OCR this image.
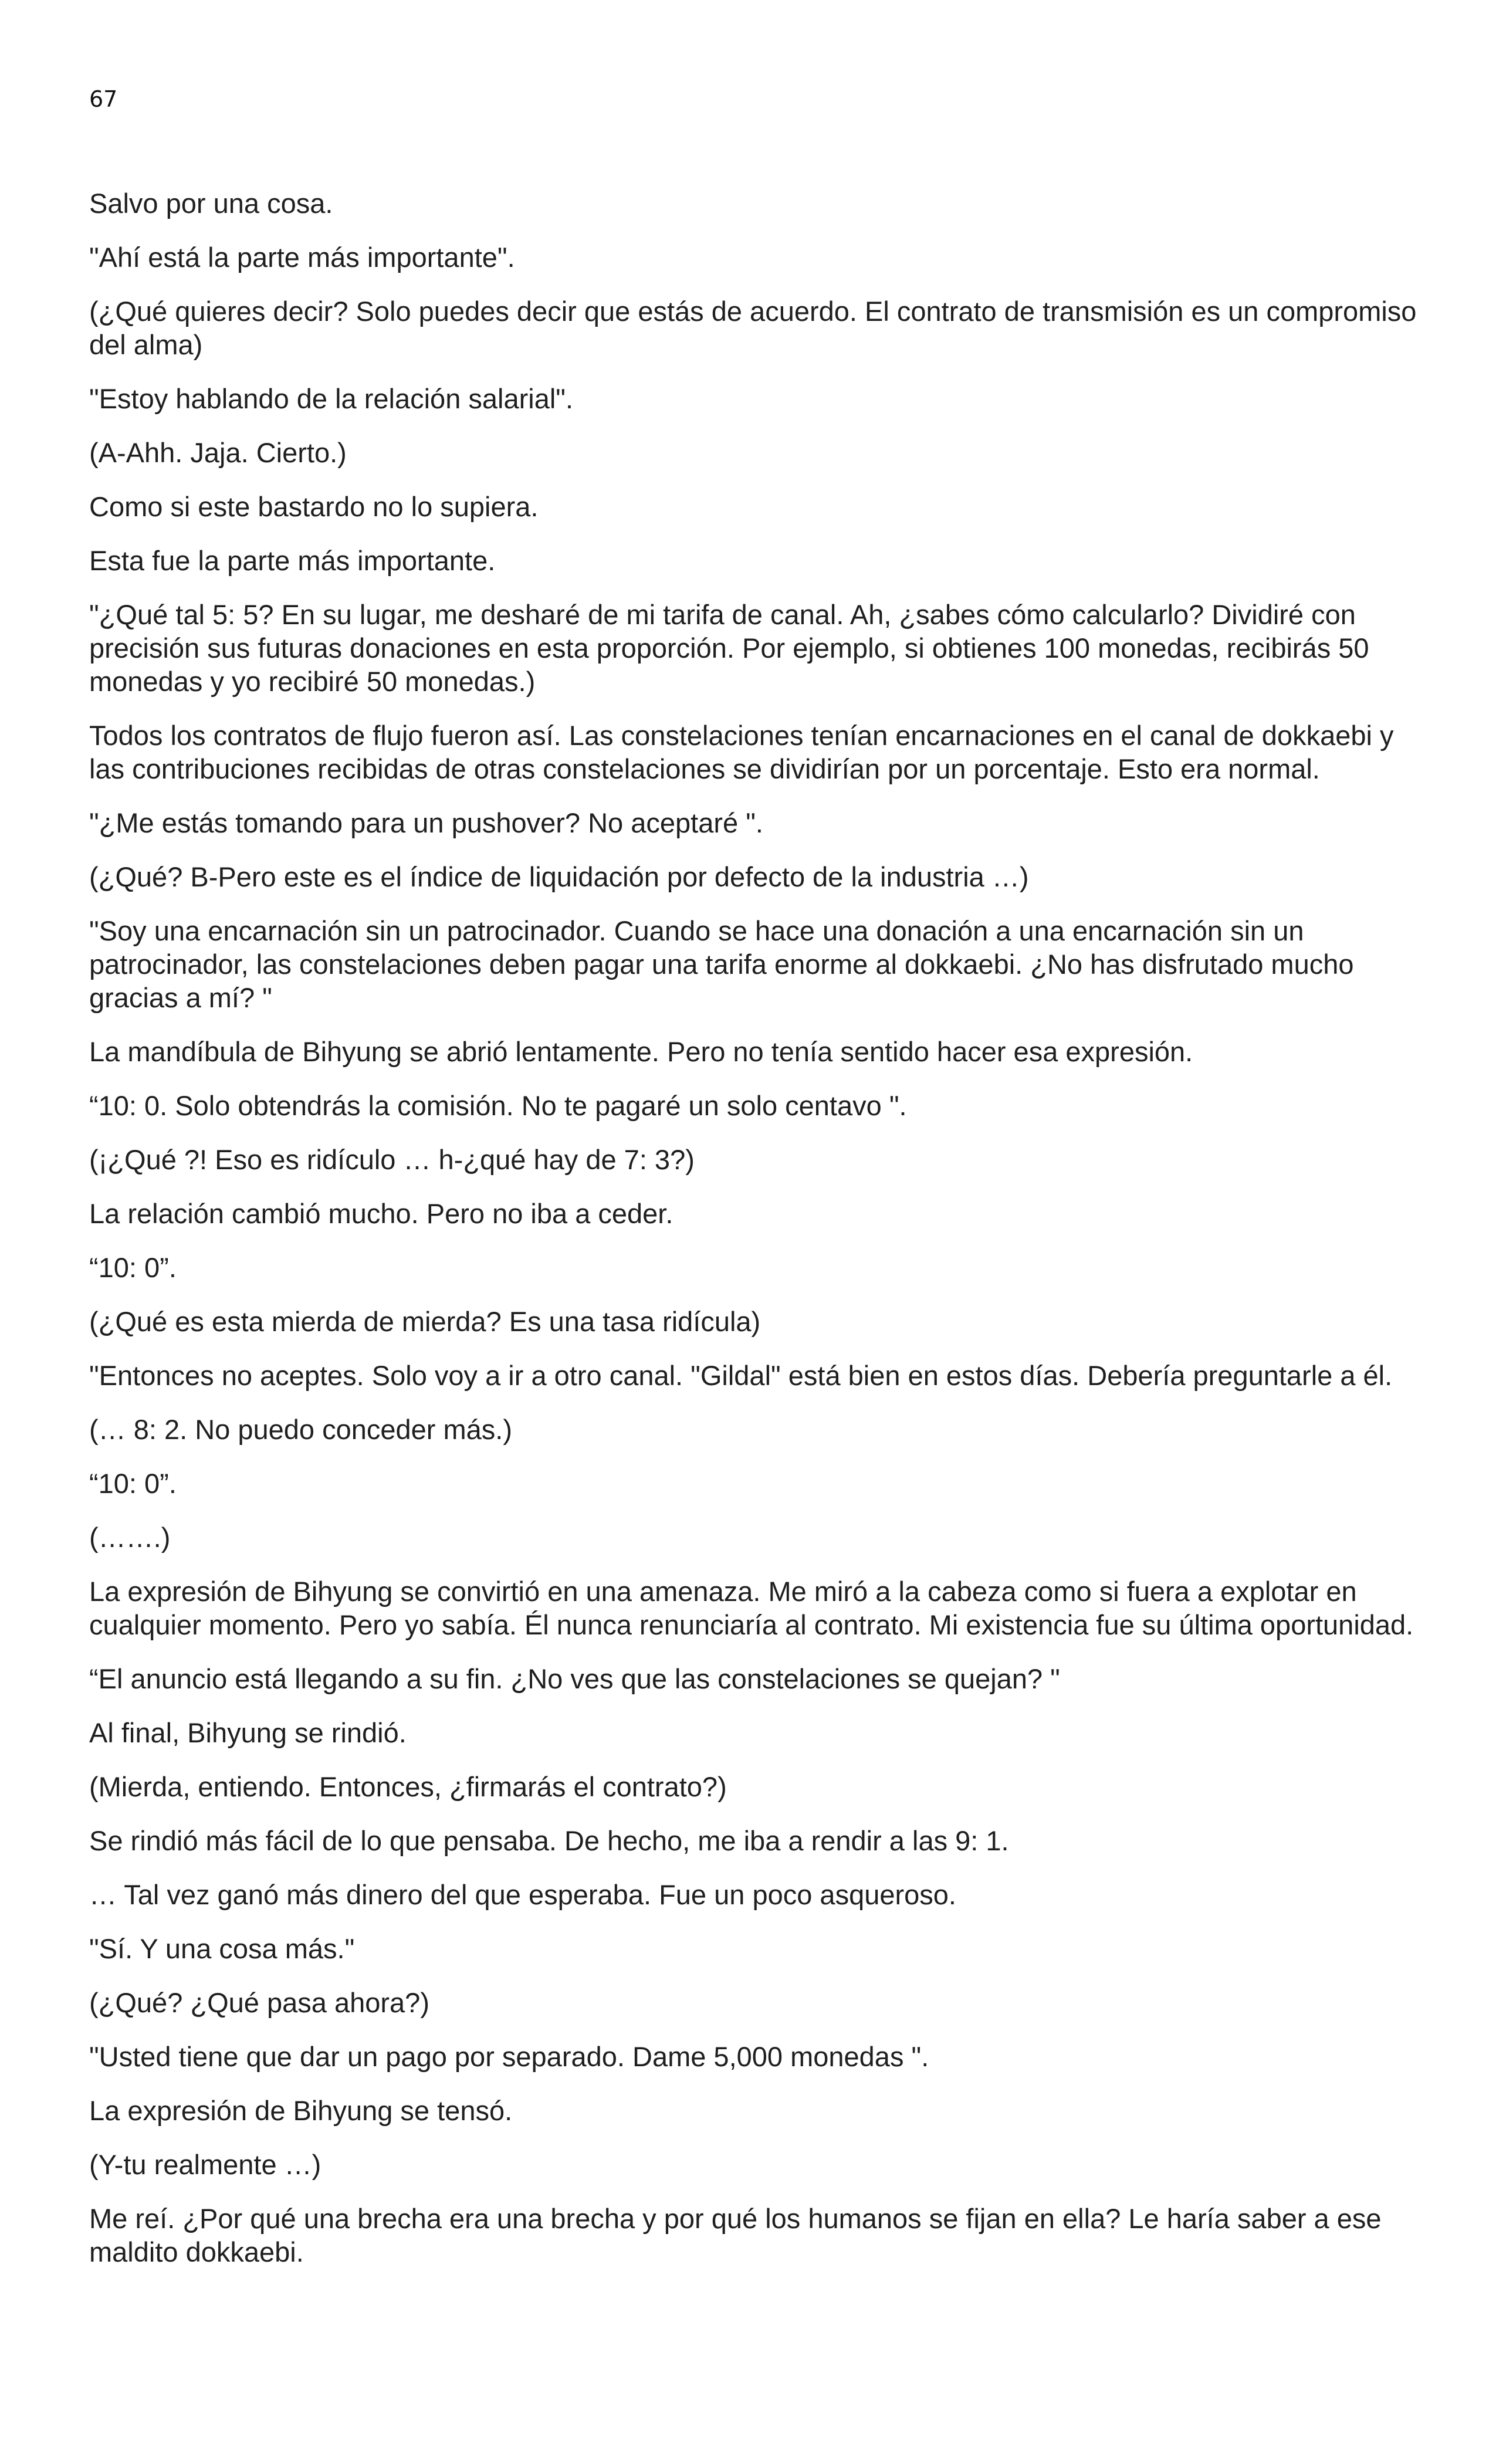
67

Salvo por una cosa.

"Ahí está la parte más importante".

(¿Qué quieres decir? Solo puedes decir que estás de acuerdo. El contrato de transmisión es un compromiso del alma)

"Estoy hablando de la relación salarial".

(A-Ahh. Jaja. Cierto.)

Como si este bastardo no lo supiera.

Esta fue la parte más importante.

"¿Qué tal 5: 5? En su lugar, me desharé de mi tarifa de canal. Ah, ¿sabes cómo calcularlo? Dividiré con precisión sus futuras donaciones en esta proporción. Por ejemplo, si obtienes 100 monedas, recibirás 50 monedas y yo recibiré 50 monedas.)

Todos los contratos de flujo fueron así. Las constelaciones tenían encarnaciones en el canal de dokkaebi y las contribuciones recibidas de otras constelaciones se dividirían por un porcentaje. Esto era normal.

"¿Me estás tomando para un pushover? No aceptaré ".

(¿Qué? B-Pero este es el índice de liquidación por defecto de la industria …)

"Soy una encarnación sin un patrocinador. Cuando se hace una donación a una encarnación sin un patrocinador, las constelaciones deben pagar una tarifa enorme al dokkaebi. ¿No has disfrutado mucho gracias a mí? "

La mandíbula de Bihyung se abrió lentamente. Pero no tenía sentido hacer esa expresión.

“10: 0. Solo obtendrás la comisión. No te pagaré un solo centavo ".

(¡¿Qué ?! Eso es ridículo … h-¿qué hay de 7: 3?)

La relación cambió mucho. Pero no iba a ceder.

“10: 0”.

(¿Qué es esta mierda de mierda? Es una tasa ridícula)

"Entonces no aceptes. Solo voy a ir a otro canal. "Gildal" está bien en estos días. Debería preguntarle a él.

(… 8: 2. No puedo conceder más.)

“10: 0”.

(…….)

La expresión de Bihyung se convirtió en una amenaza. Me miró a la cabeza como si fuera a explotar en cualquier momento. Pero yo sabía. Él nunca renunciaría al contrato. Mi existencia fue su última oportunidad.

“El anuncio está llegando a su fin. ¿No ves que las constelaciones se quejan? "

Al final, Bihyung se rindió.

(Mierda, entiendo. Entonces, ¿firmarás el contrato?)

Se rindió más fácil de lo que pensaba. De hecho, me iba a rendir a las 9: 1.

… Tal vez ganó más dinero del que esperaba. Fue un poco asqueroso.

"Sí. Y una cosa más."

(¿Qué? ¿Qué pasa ahora?)

"Usted tiene que dar un pago por separado. Dame 5,000 monedas ".

La expresión de Bihyung se tensó.

(Y-tu realmente …)

Me reí. ¿Por qué una brecha era una brecha y por qué los humanos se fijan en ella? Le haría saber a ese maldito dokkaebi.
